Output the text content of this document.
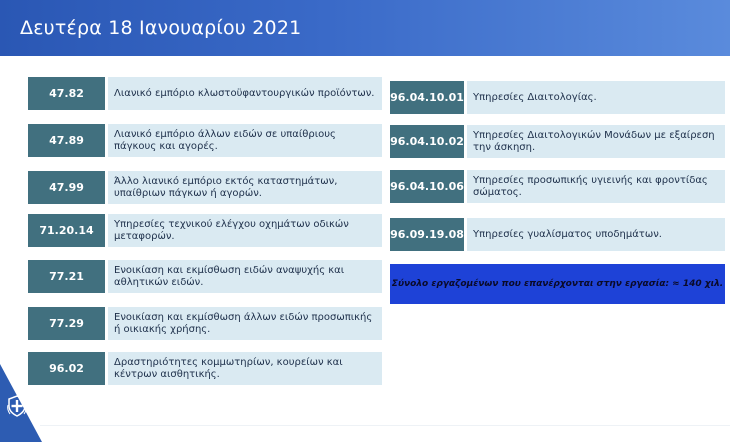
Δευτέρα 18 Ιανουαρίου 2021
47.82	Λιανικό εμπόριο κλωστοϋφαντουργικών προϊόντων.
47.89	Λιανικό εμπόριο άλλων ειδών σε υπαίθριους πάγκους και αγορές.
47.99	Άλλο λιανικό εμπόριο εκτός καταστημάτων, υπαίθριων πάγκων ή αγορών.
71.20.14	Υπηρεσίες τεχνικού ελέγχου οχημάτων οδικών μεταφορών.
77.21	Ενοικίαση και εκμίσθωση ειδών αναψυχής και αθλητικών ειδών.
77.29	Ενοικίαση και εκμίσθωση άλλων ειδών προσωπικής ή οικιακής χρήσης.
96.02	Δραστηριότητες κομμωτηρίων, κουρείων και κέντρων αισθητικής.
96.04.10.01 Υπηρεσίες Διαιτολογίας.
96.04.10.02 Υπηρεσίες Διαιτολογικών Μονάδων με εξαίρεση την άσκηση.
96.04.10.06 Υπηρεσίες προσωπικής υγιεινής και φροντίδας σώματος.
96.09.19.08 Υπηρεσίες γυαλίσματος υποδημάτων.
Σύνολο εργαζομένων που επανέρχονται στην εργασία: ≈ 140 χιλ.
